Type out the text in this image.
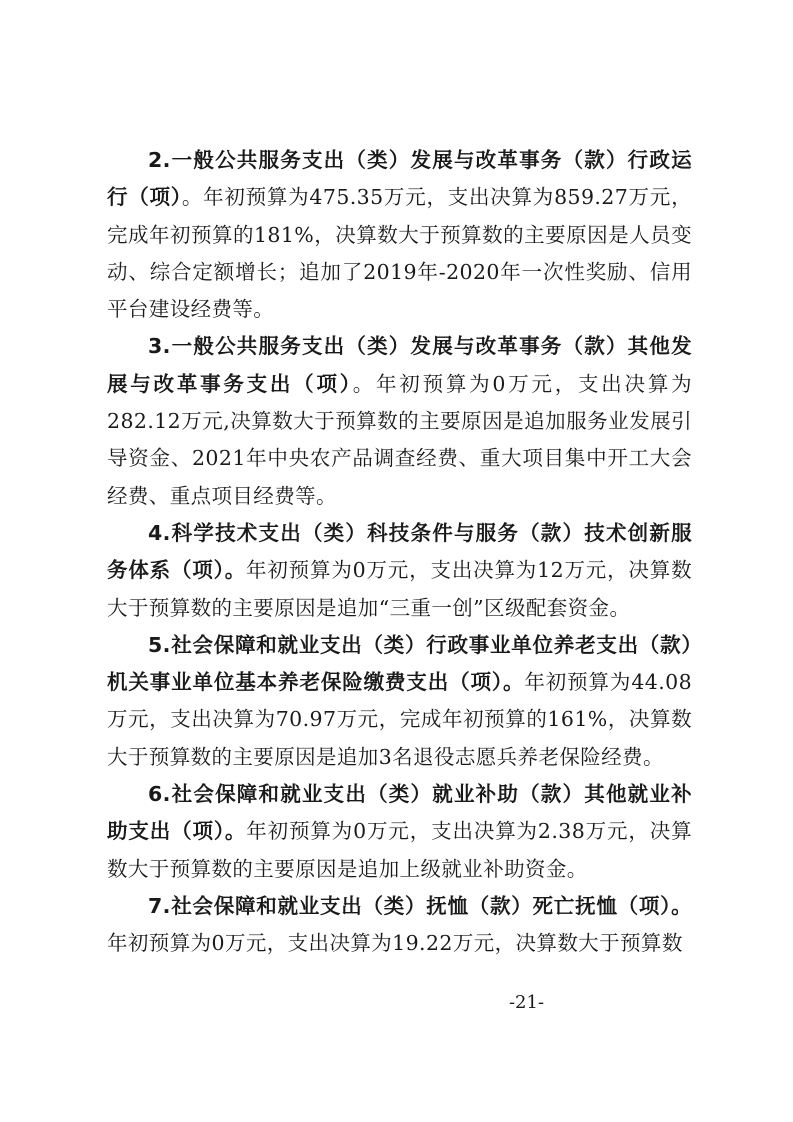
2.一般公共服务支出（类）发展与改革事务（款）行政运行（项）。年初预算为475.35万元，支出决算为859.27万元，完成年初预算的181%，决算数大于预算数的主要原因是人员变动、综合定额增长；追加了2019年-2020年一次性奖励、信用平台建设经费等。

3.一般公共服务支出（类）发展与改革事务（款）其他发展与改革事务支出（项）。年初预算为0万元，支出决算为282.12万元,决算数大于预算数的主要原因是追加服务业发展引导资金、2021年中央农产品调查经费、重大项目集中开工大会经费、重点项目经费等。

4.科学技术支出（类）科技条件与服务（款）技术创新服务体系（项）。年初预算为0万元，支出决算为12万元，决算数大于预算数的主要原因是追加“三重一创”区级配套资金。

5.社会保障和就业支出（类）行政事业单位养老支出（款）机关事业单位基本养老保险缴费支出（项）。年初预算为44.08万元，支出决算为70.97万元，完成年初预算的161%，决算数大于预算数的主要原因是追加3名退役志愿兵养老保险经费。

6.社会保障和就业支出（类）就业补助（款）其他就业补助支出（项）。年初预算为0万元，支出决算为2.38万元，决算数大于预算数的主要原因是追加上级就业补助资金。

7.社会保障和就业支出（类）抚恤（款）死亡抚恤（项）。年初预算为0万元，支出决算为19.22万元，决算数大于预算数

-21-
